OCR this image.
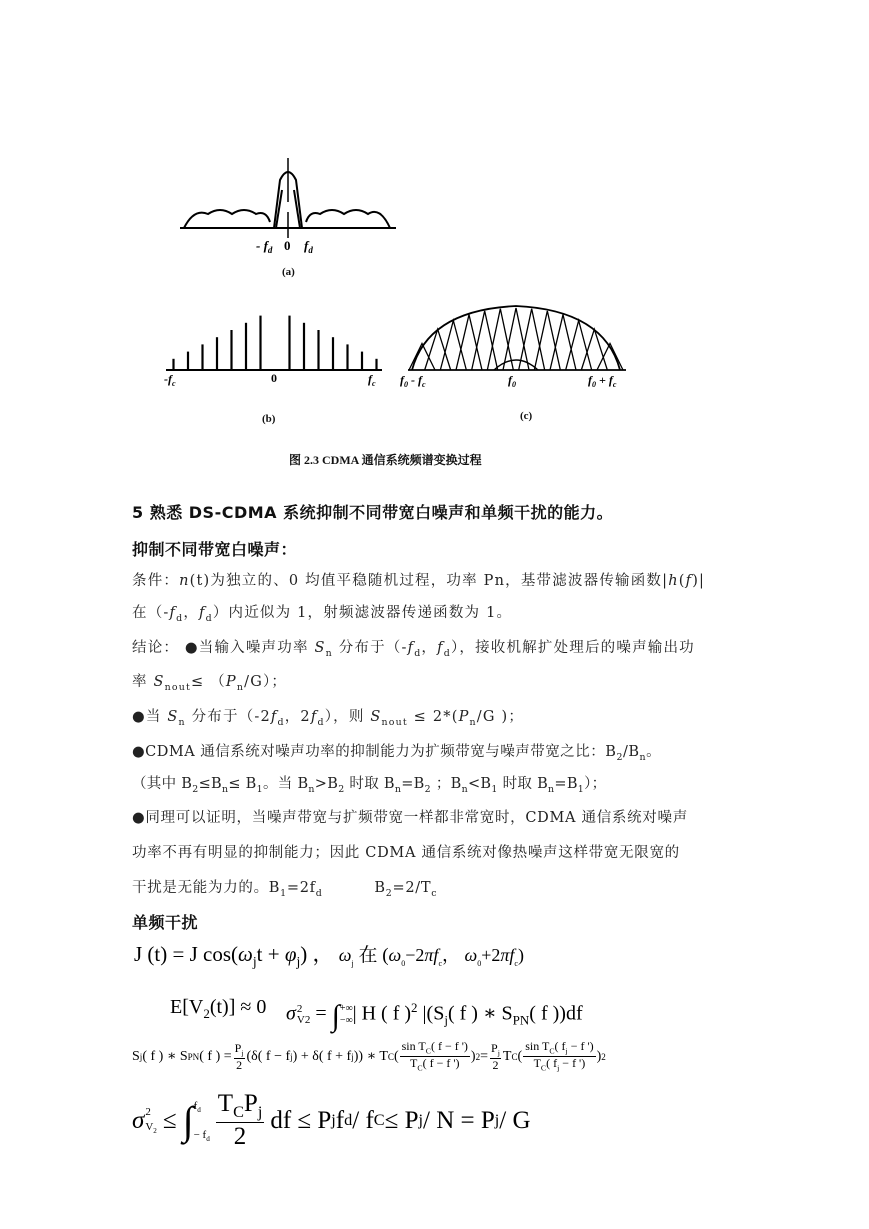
- $f_d$ 0 $f_d$
(a)
$-f_c$	0	$f_c$
(b)
$f_0 - f_c$	$f_0$	$f_0 + f_c$
(c)
图 2.3 CDMA 通信系统频谱变换过程
5 熟悉 DS-CDMA 系统抑制不同带宽白噪声和单频干扰的能力。
抑制不同带宽白噪声：
条件：n(t)为独立的、0 均值平稳随机过程，功率 Pn，基带滤波器传输函数|h(f)|
在（$-f_d$，$f_d$）内近似为 1，射频滤波器传递函数为 1。
结论： ●当输入噪声功率 $S_n$ 分布于（$-f_d$，$f_d$），接收机解扩处理后的噪声输出功
率 $S_{nout}\le (P_n/G)$；
●当 $S_n$ 分布于（$-2f_d$，$2f_d$），则 $S_{nout} \le 2*(P_n/G$ )；
●CDMA 通信系统对噪声功率的抑制能力为扩频带宽与噪声带宽之比：$B_2/B_n$。
（其中 $B_2\le B_n\le B_1$。当 $B_n>B_2$ 时取 $B_n=B_2$ ；$B_n<B_1$ 时取 $B_n=B_1$）；
●同理可以证明，当噪声带宽与扩频带宽一样都非常宽时，CDMA 通信系统对噪声
功率不再有明显的抑制能力；因此 CDMA 通信系统对像热噪声这样带宽无限宽的
干扰是无能为力的。$B_1=2f_d$	$B_2=2/T_c$
单频干扰
J (t) = J $\cos(\omega_jt + \varphi_j)$ ， $\omega_j$ 在 ($\omega_0-2\pi f_c$， $\omega_0+2\pi f_c$)
$E[V_2(t)] \approx 0$ σ 2
V2 = ∫ +∞
−∞ | H ( f )$^2$ $|(S_j$( f ) ∗ $S_{PN}$( f ))df
S j ( f ) ∗ S PN ( f ) = $\frac{P_j}{2} (\delta$( f − f j ) + δ( f + f j )) ∗ T C (
$\sin T_C$( f − f ')
$T_C$( f − f ') ) $2 = \frac{P_j}{2}$ T C (
$\sin T_C$( $f_j - f$ ')
$T_C$( $f_j - f$ ') ) 2
σ 2
$V_2$ ≤ ∫ $f_d$
− $f_d$
$T_CP_j$
2
df ≤ P j f d / f C ≤ P j / N = P j / G
